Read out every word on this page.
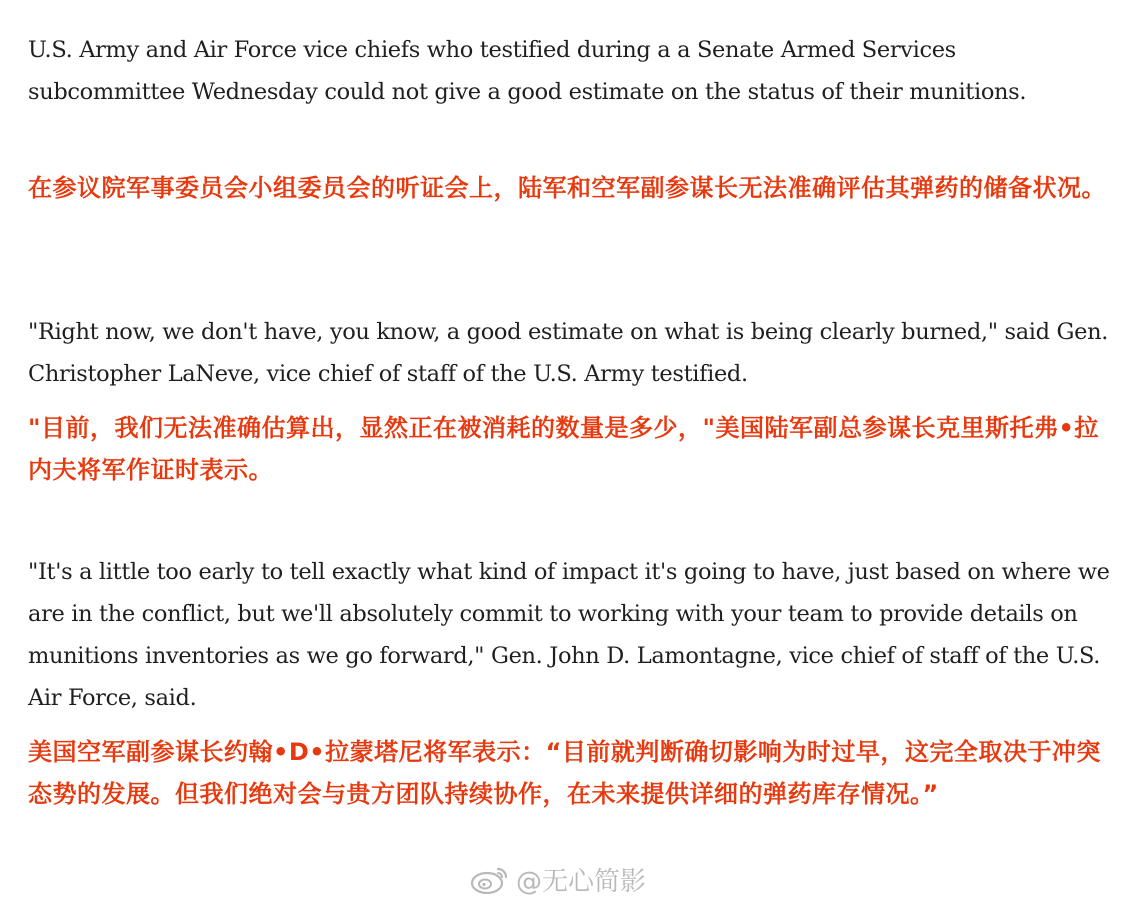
U.S. Army and Air Force vice chiefs who testified during a a Senate Armed Services subcommittee Wednesday could not give a good estimate on the status of their munitions.

在参议院军事委员会小组委员会的听证会上，陆军和空军副参谋长无法准确评估其弹药的储备状况。

"Right now, we don't have, you know, a good estimate on what is being clearly burned," said Gen. Christopher LaNeve, vice chief of staff of the U.S. Army testified.

"目前，我们无法准确估算出，显然正在被消耗的数量是多少，"美国陆军副总参谋长克里斯托弗•拉内夫将军作证时表示。

"It's a little too early to tell exactly what kind of impact it's going to have, just based on where we are in the conflict, but we'll absolutely commit to working with your team to provide details on munitions inventories as we go forward," Gen. John D. Lamontagne, vice chief of staff of the U.S. Air Force, said.

美国空军副参谋长约翰•D•拉蒙塔尼将军表示：“目前就判断确切影响为时过早，这完全取决于冲突态势的发展。但我们绝对会与贵方团队持续协作，在未来提供详细的弹药库存情况。”

@无心简影
